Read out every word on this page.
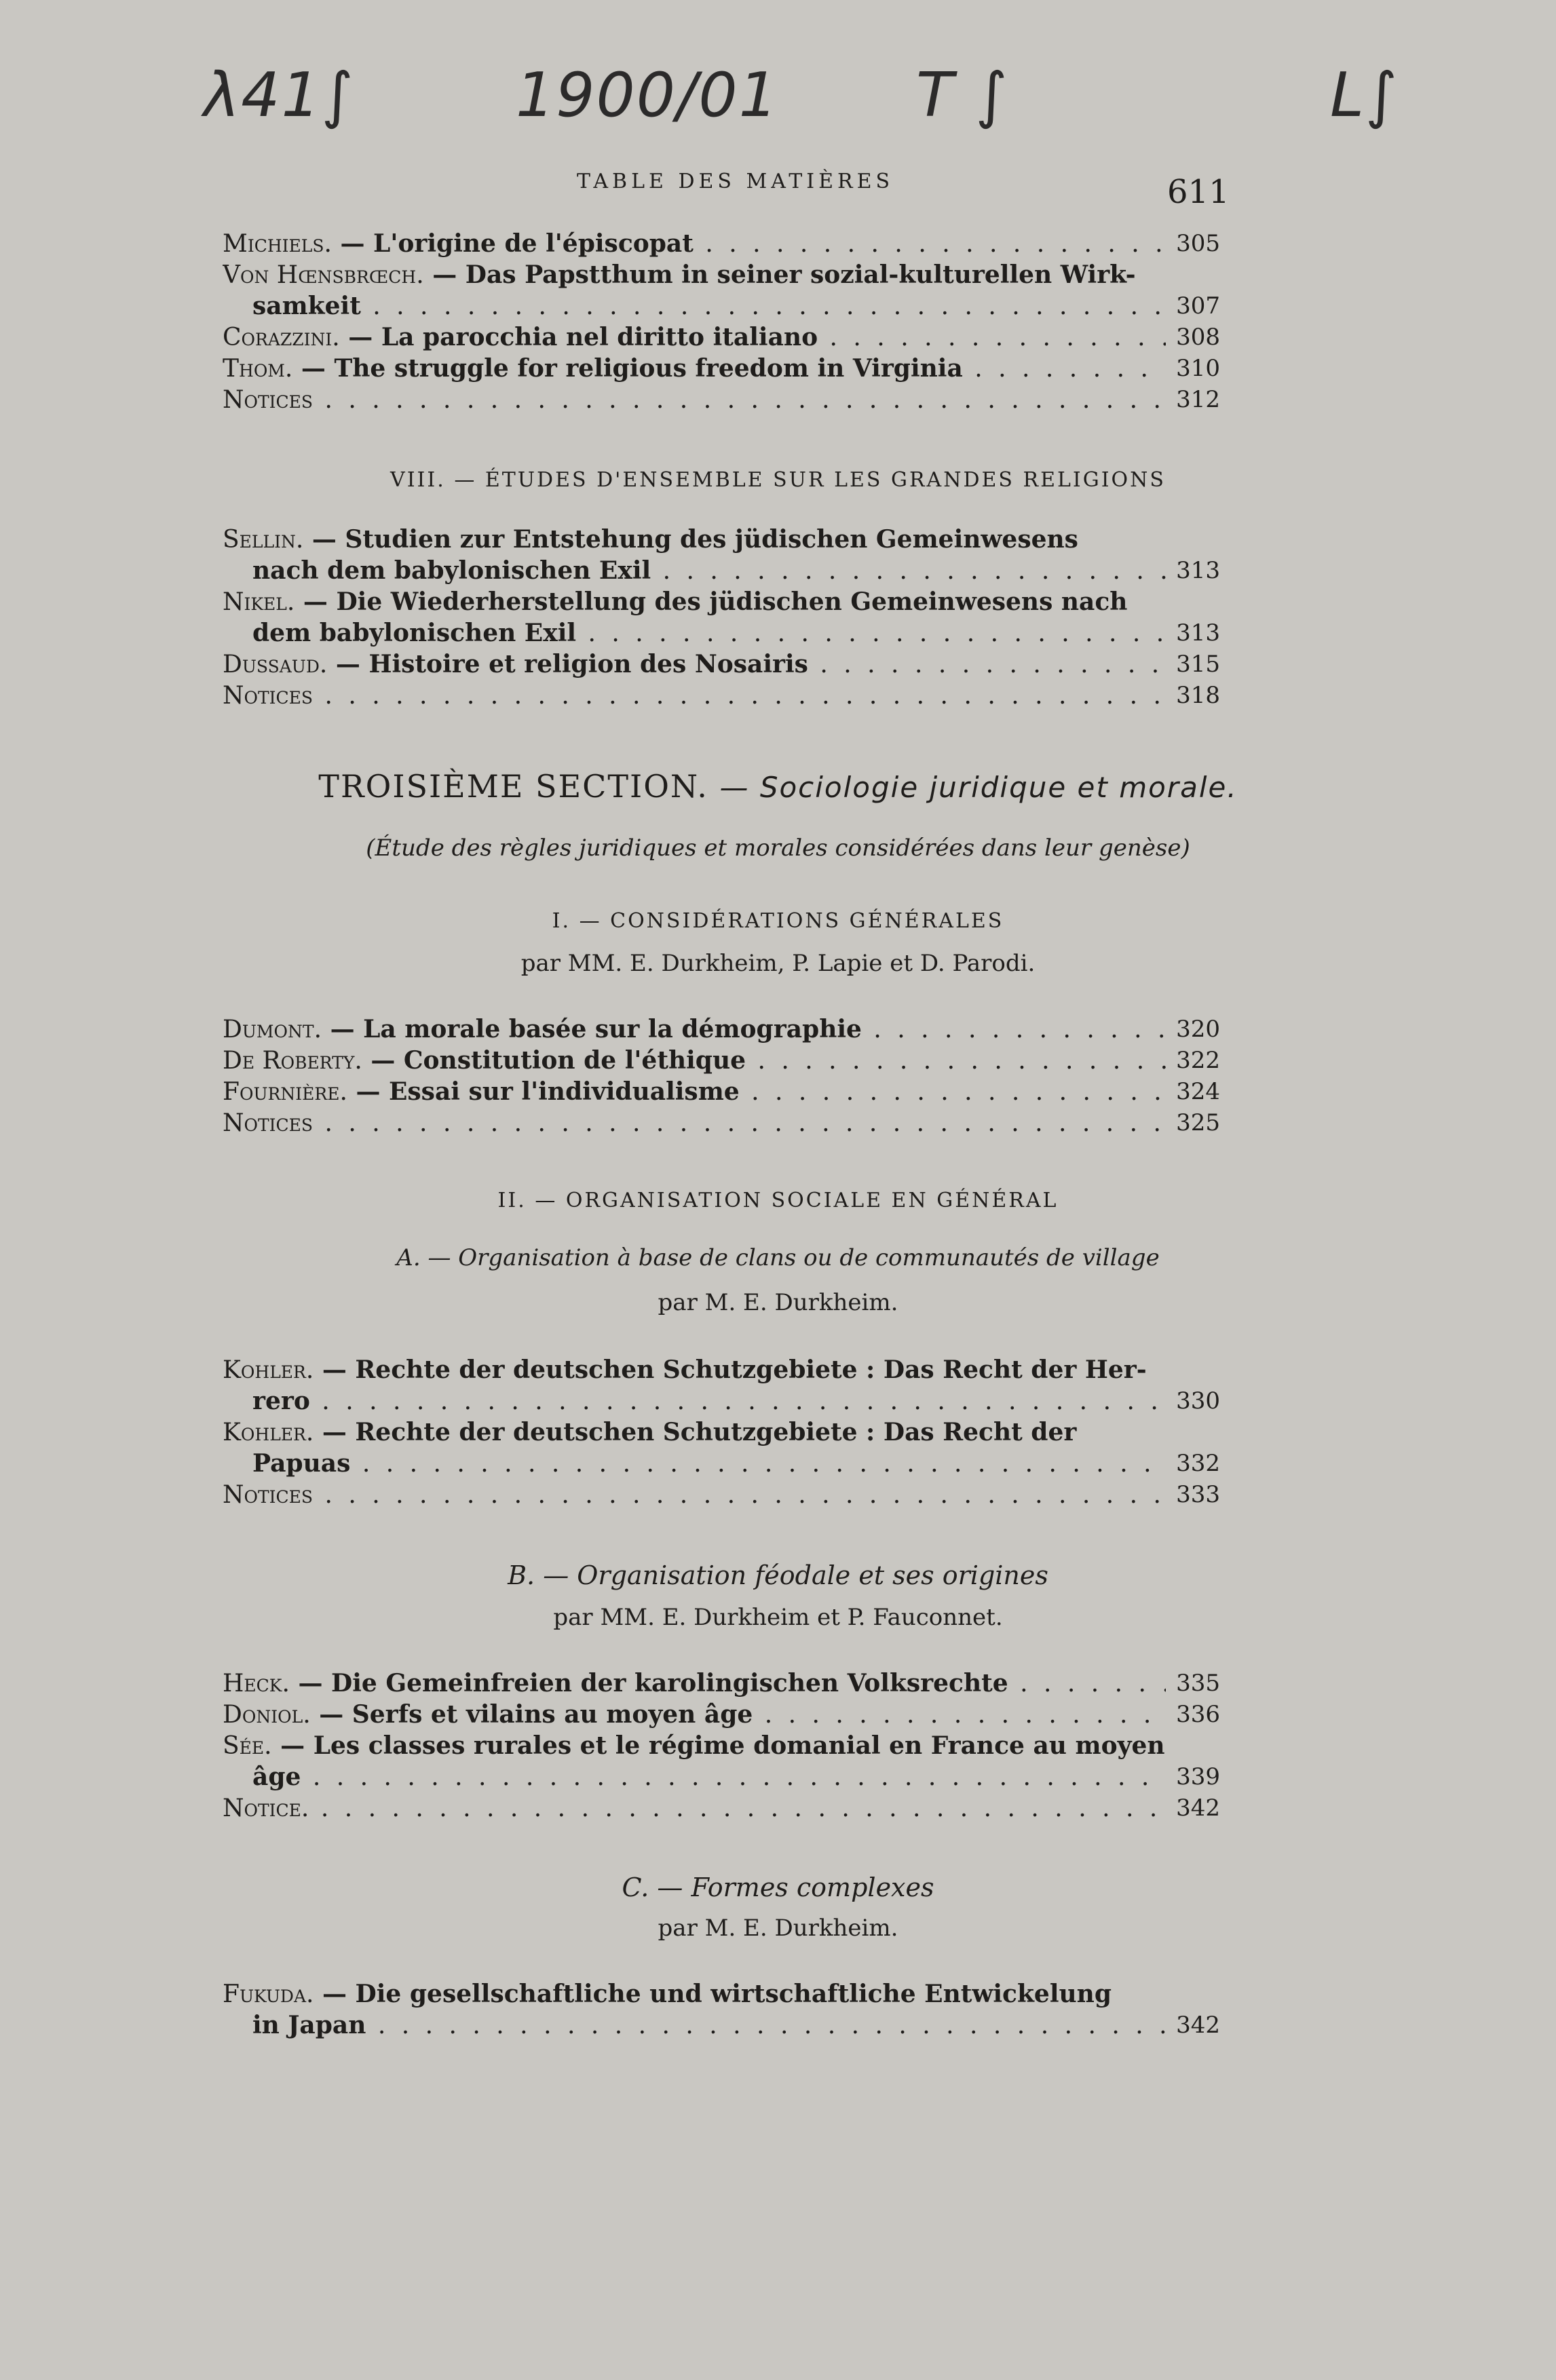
λ41∫	1900/01 T ∫	L∫
TABLE DES MATIÈRES	611
Michiels. — L'origine de l'épiscopat . . .	305
Von Hœnsbrœch. — Das Papstthum in seiner sozial-kulturellen Wirk-
samkeit . . .	307
Corazzini. — La parocchia nel diritto italiano . . .	308
Thom. — The struggle for religious freedom in Virginia . . .	310
Notices . . .	312
VIII. — ÉTUDES D'ENSEMBLE SUR LES GRANDES RELIGIONS
Sellin. — Studien zur Entstehung des jüdischen Gemeinwesens
nach dem babylonischen Exil . . .	313
Nikel. — Die Wiederherstellung des jüdischen Gemeinwesens nach
dem babylonischen Exil . . .	313
Dussaud. — Histoire et religion des Nosairis . . .	315
Notices . . .	318
TROISIÈME SECTION. — Sociologie juridique et morale.
(Étude des règles juridiques et morales considérées dans leur genèse)
I. — CONSIDÉRATIONS GÉNÉRALES
par MM. E. Durkheim, P. Lapie et D. Parodi.
Dumont. — La morale basée sur la démographie . . .	320
De Roberty. — Constitution de l'éthique . . .	322
Fournière. — Essai sur l'individualisme . . .	324
Notices . . .	325
II. — ORGANISATION SOCIALE EN GÉNÉRAL
A. — Organisation à base de clans ou de communautés de village
par M. E. Durkheim.
Kohler. — Rechte der deutschen Schutzgebiete : Das Recht der Her-
rero . . .	330
Kohler. — Rechte der deutschen Schutzgebiete : Das Recht der
Papuas . . .	332
Notices . . .	333
B. — Organisation féodale et ses origines
par MM. E. Durkheim et P. Fauconnet.
Heck. — Die Gemeinfreien der karolingischen Volksrechte . . .	335
Doniol. — Serfs et vilains au moyen âge . . .	336
Sée. — Les classes rurales et le régime domanial en France au moyen
âge . . .	339
Notice. . . .	342
C. — Formes complexes
par M. E. Durkheim.
Fukuda. — Die gesellschaftliche und wirtschaftliche Entwickelung
in Japan . . .	342
